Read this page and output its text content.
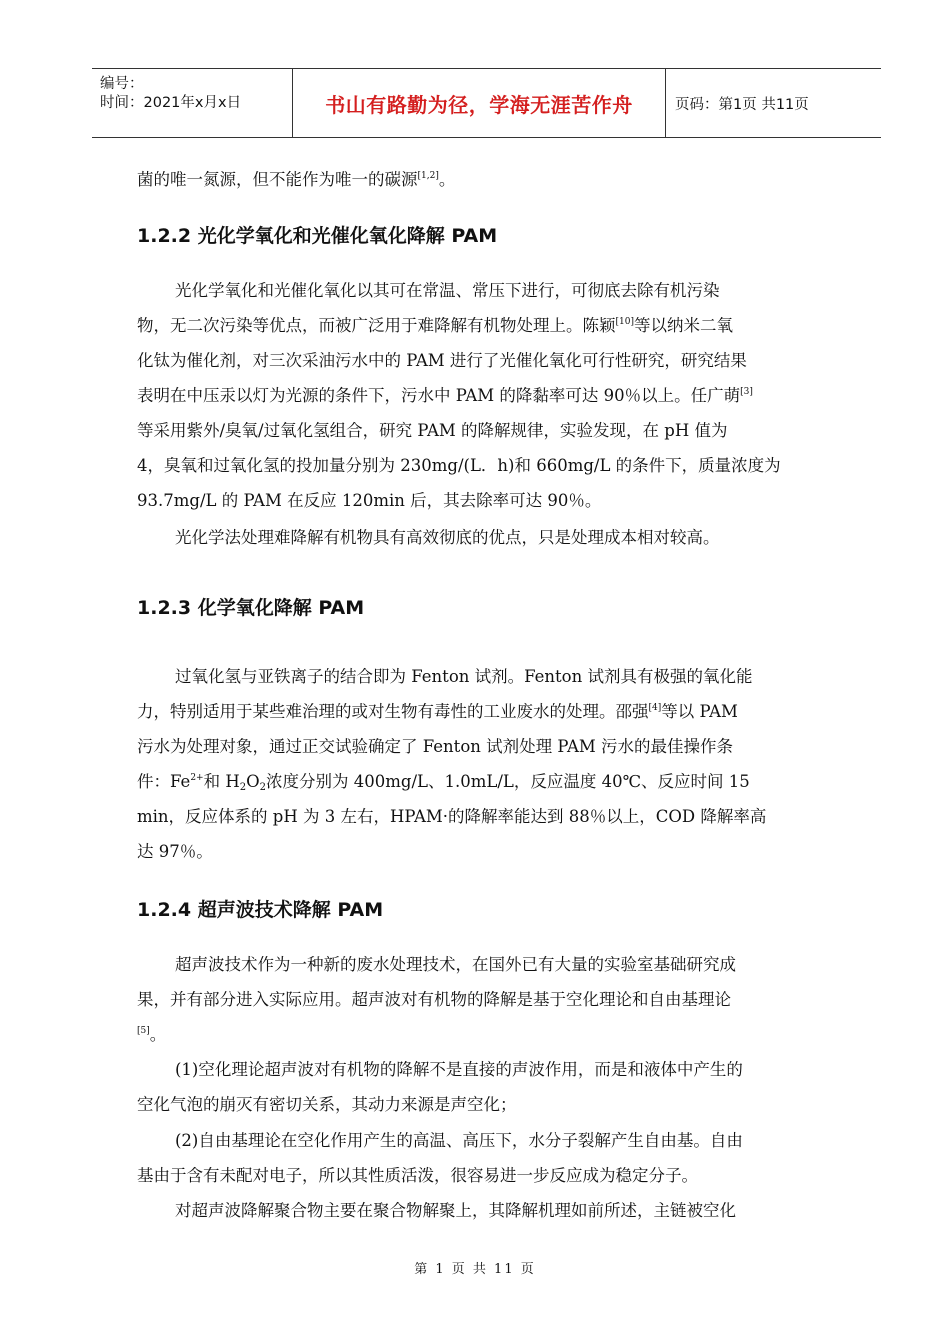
编号：
时间：2021年x月x日	书山有路勤为径，学海无涯苦作舟	页码：第1页 共11页
菌的唯一氮源，但不能作为唯一的碳源[1,2]。
1.2.2 光化学氧化和光催化氧化降解 PAM
光化学氧化和光催化氧化以其可在常温、常压下进行，可彻底去除有机污染
物，无二次污染等优点，而被广泛用于难降解有机物处理上。陈颖[10]等以纳米二氧
化钛为催化剂，对三次采油污水中的 PAM 进行了光催化氧化可行性研究，研究结果
表明在中压汞以灯为光源的条件下，污水中 PAM 的降黏率可达 90％以上。任广萌[3]
等采用紫外/臭氧/过氧化氢组合，研究 PAM 的降解规律，实验发现，在 pH 值为
4，臭氧和过氧化氢的投加量分别为 230mg/(L．h)和 660mg/L 的条件下，质量浓度为
93.7mg/L 的 PAM 在反应 120min 后，其去除率可达 90％。
光化学法处理难降解有机物具有高效彻底的优点，只是处理成本相对较高。
1.2.3 化学氧化降解 PAM
过氧化氢与亚铁离子的结合即为 Fenton 试剂。Fenton 试剂具有极强的氧化能
力，特别适用于某些难治理的或对生物有毒性的工业废水的处理。邵强[4]等以 PAM
污水为处理对象，通过正交试验确定了 Fenton 试剂处理 PAM 污水的最佳操作条
件：$Fe^{2+}$和 $H_2O_2$浓度分别为 400mg/L、1.0mL/L，反应温度 40℃、反应时间 15
min，反应体系的 pH 为 3 左右，HPAM·的降解率能达到 88％以上，COD 降解率高
达 97％。
1.2.4 超声波技术降解 PAM
超声波技术作为一种新的废水处理技术，在国外已有大量的实验室基础研究成
果，并有部分进入实际应用。超声波对有机物的降解是基于空化理论和自由基理论
[5]。
(1)空化理论超声波对有机物的降解不是直接的声波作用，而是和液体中产生的
空化气泡的崩灭有密切关系，其动力来源是声空化；
(2)自由基理论在空化作用产生的高温、高压下，水分子裂解产生自由基。自由
基由于含有未配对电子，所以其性质活泼，很容易进一步反应成为稳定分子。
对超声波降解聚合物主要在聚合物解聚上，其降解机理如前所述，主链被空化
第 1 页 共 11 页
